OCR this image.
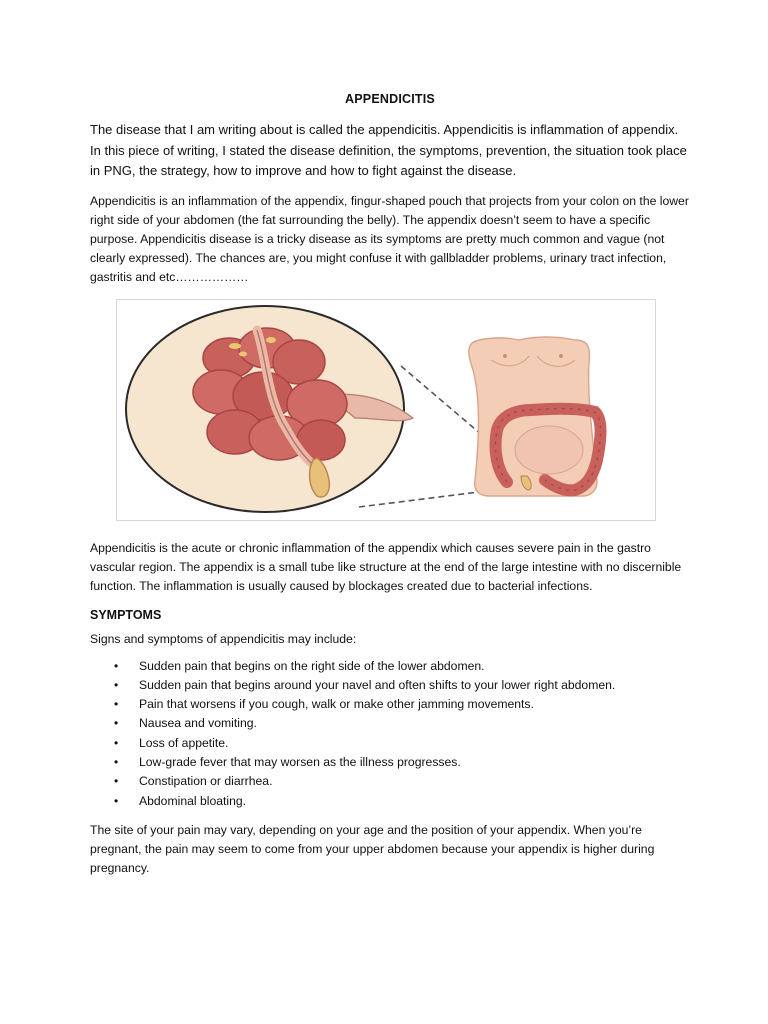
APPENDICITIS

The disease that I am writing about is called the appendicitis. Appendicitis is inflammation of appendix. In this piece of writing, I stated the disease definition, the symptoms, prevention, the situation took place in PNG, the strategy, how to improve and how to fight against the disease.

Appendicitis is an inflammation of the appendix, fingur-shaped pouch that projects from your colon on the lower right side of your abdomen (the fat surrounding the belly). The appendix doesn’t seem to have a specific purpose. Appendicitis disease is a tricky disease as its symptoms are pretty much common and vague (not clearly expressed). The chances are, you might confuse it with gallbladder problems, urinary tract infection, gastritis and etc………………

Appendicitis is the acute or chronic inflammation of the appendix which causes severe pain in the gastro vascular region. The appendix is a small tube like structure at the end of the large intestine with no discernible function. The inflammation is usually caused by blockages created due to bacterial infections.

SYMPTOMS

Signs and symptoms of appendicitis may include:

• Sudden pain that begins on the right side of the lower abdomen.
• Sudden pain that begins around your navel and often shifts to your lower right abdomen.
• Pain that worsens if you cough, walk or make other jamming movements.
• Nausea and vomiting.
• Loss of appetite.
• Low-grade fever that may worsen as the illness progresses.
• Constipation or diarrhea.
• Abdominal bloating.

The site of your pain may vary, depending on your age and the position of your appendix. When you’re pregnant, the pain may seem to come from your upper abdomen because your appendix is higher during pregnancy.
